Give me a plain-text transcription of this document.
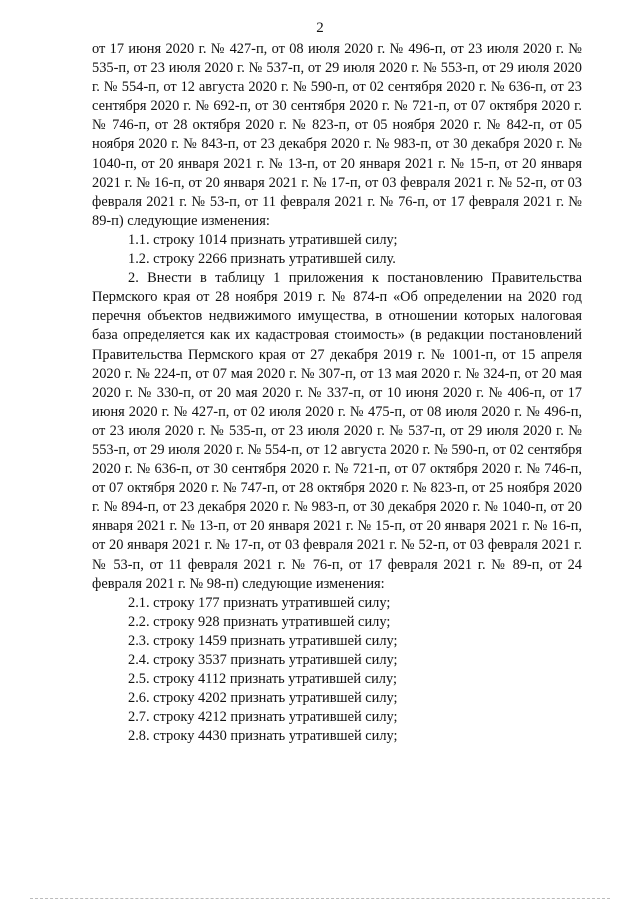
2

от 17 июня 2020 г. № 427-п, от 08 июля 2020 г. № 496-п, от 23 июля 2020 г. № 535-п, от 23 июля 2020 г. № 537-п, от 29 июля 2020 г. № 553-п, от 29 июля 2020 г. № 554-п, от 12 августа 2020 г. № 590-п, от 02 сентября 2020 г. № 636-п, от 23 сентября 2020 г. № 692-п, от 30 сентября 2020 г. № 721-п, от 07 октября 2020 г. № 746-п, от 28 октября 2020 г. № 823-п, от 05 ноября 2020 г. № 842-п, от 05 ноября 2020 г. № 843-п, от 23 декабря 2020 г. № 983-п, от 30 декабря 2020 г. № 1040-п, от 20 января 2021 г. № 13-п, от 20 января 2021 г. № 15-п, от 20 января 2021 г. № 16-п, от 20 января 2021 г. № 17-п, от 03 февраля 2021 г. № 52-п, от 03 февраля 2021 г. № 53-п, от 11 февраля 2021 г. № 76-п, от 17 февраля 2021 г. № 89-п) следующие изменения:

1.1. строку 1014 признать утратившей силу;

1.2. строку 2266 признать утратившей силу.

2. Внести в таблицу 1 приложения к постановлению Правительства Пермского края от 28 ноября 2019 г. № 874-п «Об определении на 2020 год перечня объектов недвижимого имущества, в отношении которых налоговая база определяется как их кадастровая стоимость» (в редакции постановлений Правительства Пермского края от 27 декабря 2019 г. № 1001-п, от 15 апреля 2020 г. № 224-п, от 07 мая 2020 г. № 307-п, от 13 мая 2020 г. № 324-п, от 20 мая 2020 г. № 330-п, от 20 мая 2020 г. № 337-п, от 10 июня 2020 г. № 406-п, от 17 июня 2020 г. № 427-п, от 02 июля 2020 г. № 475-п, от 08 июля 2020 г. № 496-п, от 23 июля 2020 г. № 535-п, от 23 июля 2020 г. № 537-п, от 29 июля 2020 г. № 553-п, от 29 июля 2020 г. № 554-п, от 12 августа 2020 г. № 590-п, от 02 сентября 2020 г. № 636-п, от 30 сентября 2020 г. № 721-п, от 07 октября 2020 г. № 746-п, от 07 октября 2020 г. № 747-п, от 28 октября 2020 г. № 823-п, от 25 ноября 2020 г. № 894-п, от 23 декабря 2020 г. № 983-п, от 30 декабря 2020 г. № 1040-п, от 20 января 2021 г. № 13-п, от 20 января 2021 г. № 15-п, от 20 января 2021 г. № 16-п, от 20 января 2021 г. № 17-п, от 03 февраля 2021 г. № 52-п, от 03 февраля 2021 г. № 53-п, от 11 февраля 2021 г. № 76-п, от 17 февраля 2021 г. № 89-п, от 24 февраля 2021 г. № 98-п) следующие изменения:

2.1. строку 177 признать утратившей силу;

2.2. строку 928 признать утратившей силу;

2.3. строку 1459 признать утратившей силу;

2.4. строку 3537 признать утратившей силу;

2.5. строку 4112 признать утратившей силу;

2.6. строку 4202 признать утратившей силу;

2.7. строку 4212 признать утратившей силу;

2.8. строку 4430 признать утратившей силу;
